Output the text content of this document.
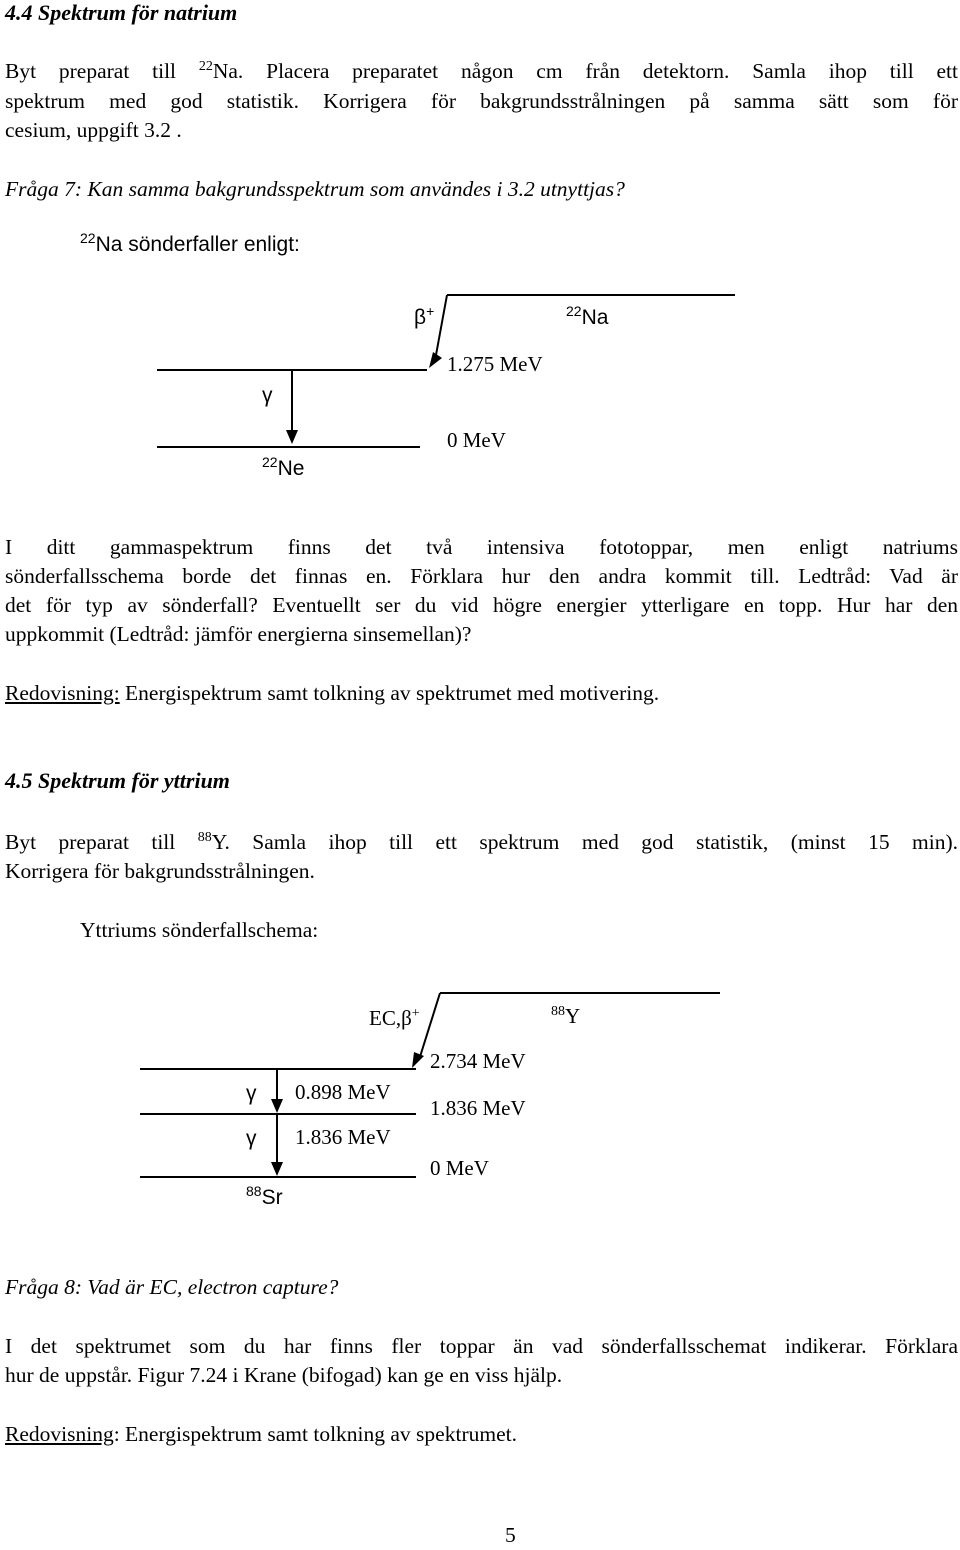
4.4 Spektrum för natrium
Byt preparat till $^{22}$Na. Placera preparatet någon cm från detektorn. Samla ihop till ett
spektrum med god statistik. Korrigera för bakgrundsstrålningen på samma sätt som för
cesium, uppgift 3.2 .
Fråga 7: Kan samma bakgrundsspektrum som användes i 3.2 utnyttjas?
$^{22}$Na sönderfaller enligt:
β+	$^{22}$Na
1.275 MeV
γ
0 MeV
$^{22}$Ne
I ditt gammaspektrum finns det två intensiva fototoppar, men enligt natriums
sönderfallsschema borde det finnas en. Förklara hur den andra kommit till. Ledtråd: Vad är
det för typ av sönderfall? Eventuellt ser du vid högre energier ytterligare en topp. Hur har den
uppkommit (Ledtråd: jämför energierna sinsemellan)?
Redovisning: Energispektrum samt tolkning av spektrumet med motivering.
4.5 Spektrum för yttrium
Byt preparat till $^{88}$Y. Samla ihop till ett spektrum med god statistik, (minst 15 min).
Korrigera för bakgrundsstrålningen.
Yttriums sönderfallschema:
EC,β+	$^{88}$Y
2.734 MeV
γ 0.898 MeV
1.836 MeV
γ 1.836 MeV
0 MeV
$^{88}$Sr
Fråga 8: Vad är EC, electron capture?
I det spektrumet som du har finns fler toppar än vad sönderfallsschemat indikerar. Förklara
hur de uppstår. Figur 7.24 i Krane (bifogad) kan ge en viss hjälp.
Redovisning: Energispektrum samt tolkning av spektrumet.
5
